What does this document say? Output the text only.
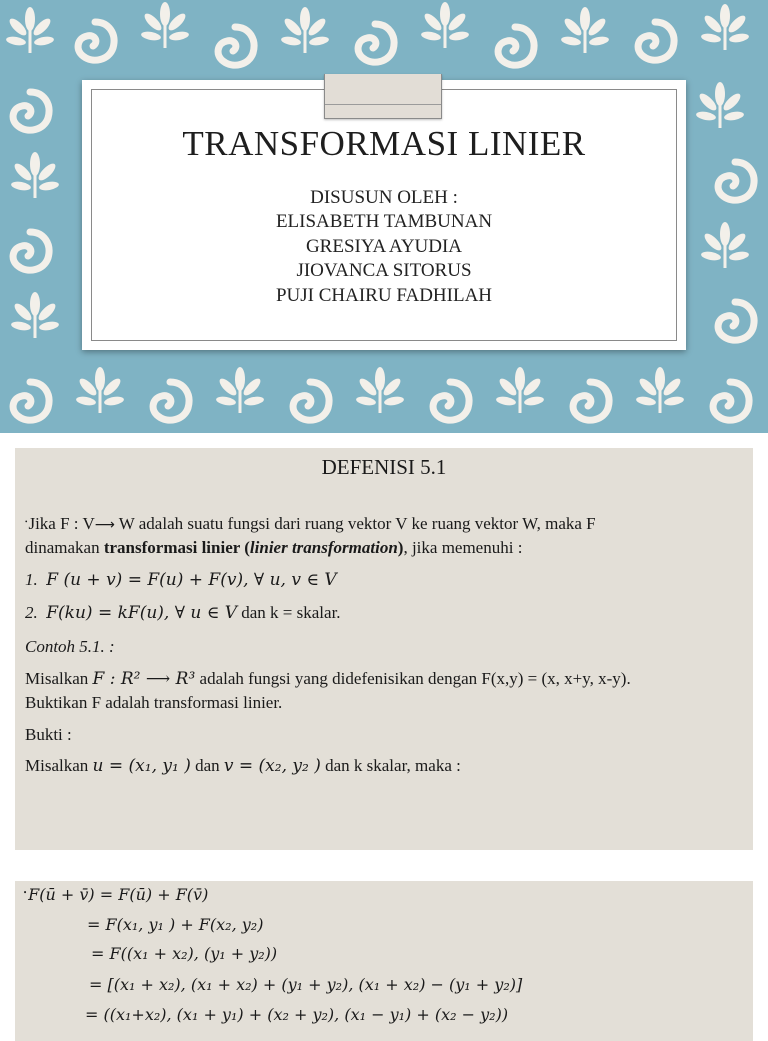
TRANSFORMASI LINIER
DISUSUN OLEH :
ELISABETH TAMBUNAN
GRESIYA AYUDIA
JIOVANCA SITORUS
PUJI CHAIRU FADHILAH
DEFENISI 5.1
•Jika F : V⟶ W adalah suatu fungsi dari ruang vektor V ke ruang vektor W, maka F
dinamakan transformasi linier (linier transformation), jika memenuhi :
1. F (u + v) = F(u) + F(v), ∀ u, v ∈ V
2. F(ku) = kF(u), ∀ u ∈ V dan k = skalar.
Contoh 5.1. :
Misalkan F : R² ⟶ R³ adalah fungsi yang didefenisikan dengan F(x,y) = (x, x+y, x-y).
Buktikan F adalah transformasi linier.
Bukti :
Misalkan u = (x₁, y₁ ) dan v = (x₂, y₂ ) dan k skalar, maka :
•F(ū + v̄) = F(ū) + F(v̄)
= F(x₁, y₁ ) + F(x₂, y₂)
= F((x₁ + x₂), (y₁ + y₂))
= [(x₁ + x₂), (x₁ + x₂) + (y₁ + y₂), (x₁ + x₂) − (y₁ + y₂)]
= ((x₁+x₂), (x₁ + y₁) + (x₂ + y₂), (x₁ − y₁) + (x₂ − y₂))
